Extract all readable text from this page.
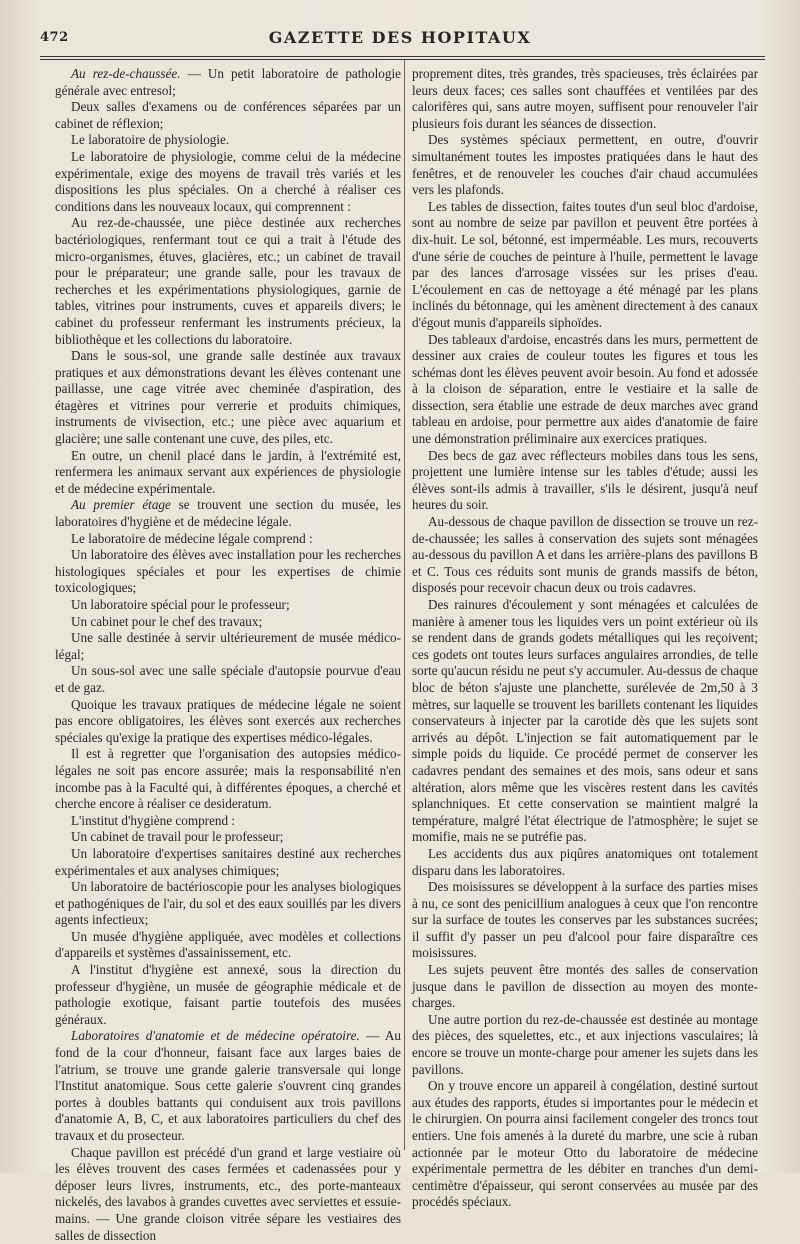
472	GAZETTE DES HOPITAUX

Au rez-de-chaussée. — Un petit laboratoire de pathologie générale avec entresol;

Deux salles d'examens ou de conférences séparées par un cabinet de réflexion;

Le laboratoire de physiologie.

Le laboratoire de physiologie, comme celui de la médecine expérimentale, exige des moyens de travail très variés et les dispositions les plus spéciales. On a cherché à réaliser ces conditions dans les nouveaux locaux, qui comprennent :

Au rez-de-chaussée, une pièce destinée aux recherches bactériologiques, renfermant tout ce qui a trait à l'étude des micro-organismes, étuves, glacières, etc.; un cabinet de travail pour le préparateur; une grande salle, pour les travaux de recherches et les expérimentations physiologiques, garnie de tables, vitrines pour instruments, cuves et appareils divers; le cabinet du professeur renfermant les instruments précieux, la bibliothèque et les collections du laboratoire.

Dans le sous-sol, une grande salle destinée aux travaux pratiques et aux démonstrations devant les élèves contenant une paillasse, une cage vitrée avec cheminée d'aspiration, des étagères et vitrines pour verrerie et produits chimiques, instruments de vivisection, etc.; une pièce avec aquarium et glacière; une salle contenant une cuve, des piles, etc.

En outre, un chenil placé dans le jardin, à l'extrémité est, renfermera les animaux servant aux expériences de physiologie et de médecine expérimentale.

Au premier étage se trouvent une section du musée, les laboratoires d'hygiène et de médecine légale.

Le laboratoire de médecine légale comprend :

Un laboratoire des élèves avec installation pour les recherches histologiques spéciales et pour les expertises de chimie toxicologiques;

Un laboratoire spécial pour le professeur;

Un cabinet pour le chef des travaux;

Une salle destinée à servir ultérieurement de musée médico-légal;

Un sous-sol avec une salle spéciale d'autopsie pourvue d'eau et de gaz.

Quoique les travaux pratiques de médecine légale ne soient pas encore obligatoires, les élèves sont exercés aux recherches spéciales qu'exige la pratique des expertises médico-légales.

Il est à regretter que l'organisation des autopsies médico-légales ne soit pas encore assurée; mais la responsabilité n'en incombe pas à la Faculté qui, à différentes époques, a cherché et cherche encore à réaliser ce desideratum.

L'institut d'hygiène comprend :

Un cabinet de travail pour le professeur;

Un laboratoire d'expertises sanitaires destiné aux recherches expérimentales et aux analyses chimiques;

Un laboratoire de bactérioscopie pour les analyses biologiques et pathogéniques de l'air, du sol et des eaux souillés par les divers agents infectieux;

Un musée d'hygiène appliquée, avec modèles et collections d'appareils et systèmes d'assainissement, etc.

A l'institut d'hygiène est annexé, sous la direction du professeur d'hygiène, un musée de géographie médicale et de pathologie exotique, faisant partie toutefois des musées généraux.

Laboratoires d'anatomie et de médecine opératoire. — Au fond de la cour d'honneur, faisant face aux larges baies de l'atrium, se trouve une grande galerie transversale qui longe l'Institut anatomique. Sous cette galerie s'ouvrent cinq grandes portes à doubles battants qui conduisent aux trois pavillons d'anatomie A, B, C, et aux laboratoires particuliers du chef des travaux et du prosecteur.

Chaque pavillon est précédé d'un grand et large vestiaire où les élèves trouvent des cases fermées et cadenassées pour y déposer leurs livres, instruments, etc., des porte-manteaux nickelés, des lavabos à grandes cuvettes avec serviettes et essuie-mains. — Une grande cloison vitrée sépare les vestiaires des salles de dissection

proprement dites, très grandes, très spacieuses, très éclairées par leurs deux faces; ces salles sont chauffées et ventilées par des calorifères qui, sans autre moyen, suffisent pour renouveler l'air plusieurs fois durant les séances de dissection.

Des systèmes spéciaux permettent, en outre, d'ouvrir simultanément toutes les impostes pratiquées dans le haut des fenêtres, et de renouveler les couches d'air chaud accumulées vers les plafonds.

Les tables de dissection, faites toutes d'un seul bloc d'ardoise, sont au nombre de seize par pavillon et peuvent être portées à dix-huit. Le sol, bétonné, est imperméable. Les murs, recouverts d'une série de couches de peinture à l'huile, permettent le lavage par des lances d'arrosage vissées sur les prises d'eau. L'écoulement en cas de nettoyage a été ménagé par les plans inclinés du bétonnage, qui les amènent directement à des canaux d'égout munis d'appareils siphoïdes.

Des tableaux d'ardoise, encastrés dans les murs, permettent de dessiner aux craies de couleur toutes les figures et tous les schémas dont les élèves peuvent avoir besoin. Au fond et adossée à la cloison de séparation, entre le vestiaire et la salle de dissection, sera établie une estrade de deux marches avec grand tableau en ardoise, pour permettre aux aides d'anatomie de faire une démonstration préliminaire aux exercices pratiques.

Des becs de gaz avec réflecteurs mobiles dans tous les sens, projettent une lumière intense sur les tables d'étude; aussi les élèves sont-ils admis à travailler, s'ils le désirent, jusqu'à neuf heures du soir.

Au-dessous de chaque pavillon de dissection se trouve un rez-de-chaussée; les salles à conservation des sujets sont ménagées au-dessous du pavillon A et dans les arrière-plans des pavillons B et C. Tous ces réduits sont munis de grands massifs de béton, disposés pour recevoir chacun deux ou trois cadavres.

Des rainures d'écoulement y sont ménagées et calculées de manière à amener tous les liquides vers un point extérieur où ils se rendent dans de grands godets métalliques qui les reçoivent; ces godets ont toutes leurs surfaces angulaires arrondies, de telle sorte qu'aucun résidu ne peut s'y accumuler. Au-dessus de chaque bloc de béton s'ajuste une planchette, surélevée de 2m,50 à 3 mètres, sur laquelle se trouvent les barillets contenant les liquides conservateurs à injecter par la carotide dès que les sujets sont arrivés au dépôt. L'injection se fait automatiquement par le simple poids du liquide. Ce procédé permet de conserver les cadavres pendant des semaines et des mois, sans odeur et sans altération, alors même que les viscères restent dans les cavités splanchniques. Et cette conservation se maintient malgré la température, malgré l'état électrique de l'atmosphère; le sujet se momifie, mais ne se putréfie pas.

Les accidents dus aux piqûres anatomiques ont totalement disparu dans les laboratoires.

Des moisissures se développent à la surface des parties mises à nu, ce sont des penicillium analogues à ceux que l'on rencontre sur la surface de toutes les conserves par les substances sucrées; il suffit d'y passer un peu d'alcool pour faire disparaître ces moisissures.

Les sujets peuvent être montés des salles de conservation jusque dans le pavillon de dissection au moyen des monte-charges.

Une autre portion du rez-de-chaussée est destinée au montage des pièces, des squelettes, etc., et aux injections vasculaires; là encore se trouve un monte-charge pour amener les sujets dans les pavillons.

On y trouve encore un appareil à congélation, destiné surtout aux études des rapports, études si importantes pour le médecin et le chirurgien. On pourra ainsi facilement congeler des troncs tout entiers. Une fois amenés à la dureté du marbre, une scie à ruban actionnée par le moteur Otto du laboratoire de médecine expérimentale permettra de les débiter en tranches d'un demi-centimètre d'épaisseur, qui seront conservées au musée par des procédés spéciaux.
